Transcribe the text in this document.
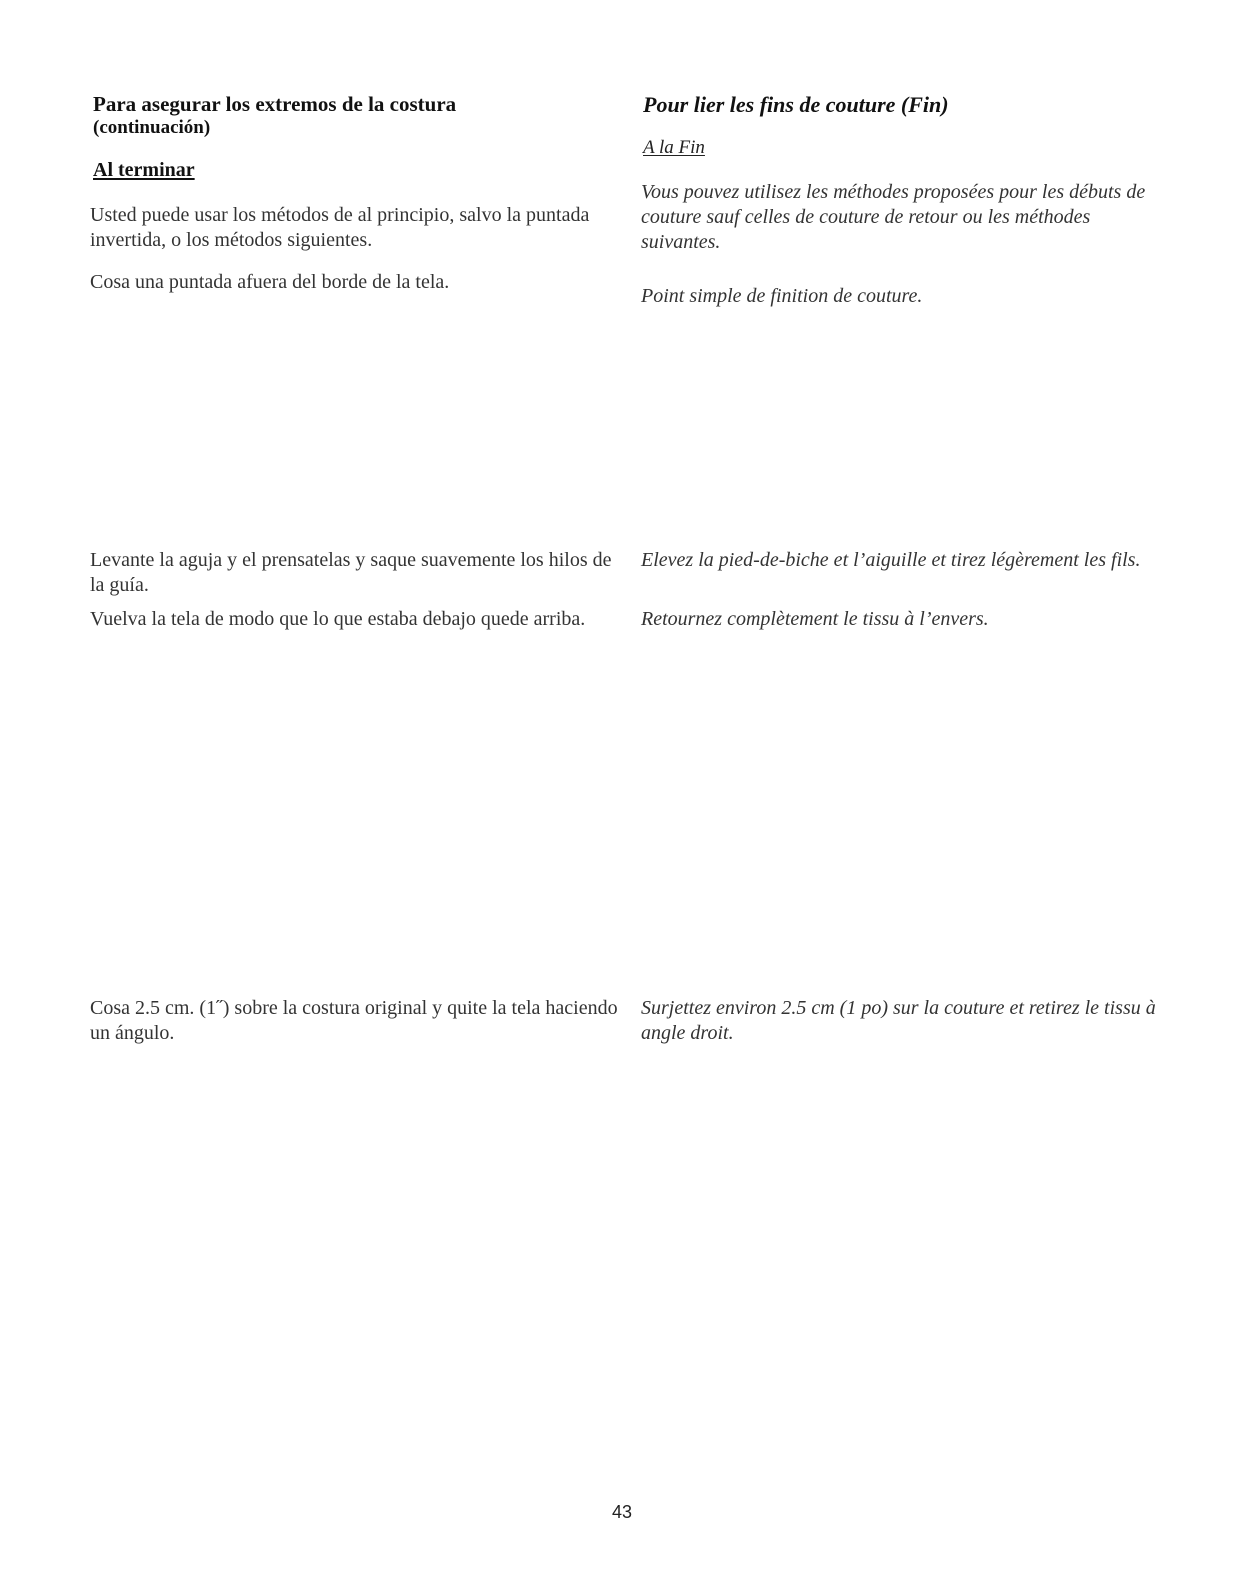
Para asegurar los extremos de la costura
(continuación)
Al terminar

Usted puede usar los métodos de al principio, salvo la puntada invertida, o los métodos siguientes.

Cosa una puntada afuera del borde de la tela.

Levante la aguja y el prensatelas y saque suavemente los hilos de la guía.

Vuelva la tela de modo que lo que estaba debajo quede arriba.

Cosa 2.5 cm. (1˝) sobre la costura original y quite la tela haciendo un ángulo.

Pour lier les fins de couture (Fin)
A la Fin

Vous pouvez utilisez les méthodes proposées pour les débuts de couture sauf celles de couture de retour ou les méthodes suivantes.

Point simple de finition de couture.

Elevez la pied-de-biche et l’aiguille et tirez légèrement les fils.

Retournez complètement le tissu à l’envers.

Surjettez environ 2.5 cm (1 po) sur la couture et retirez le tissu à angle droit.

43
